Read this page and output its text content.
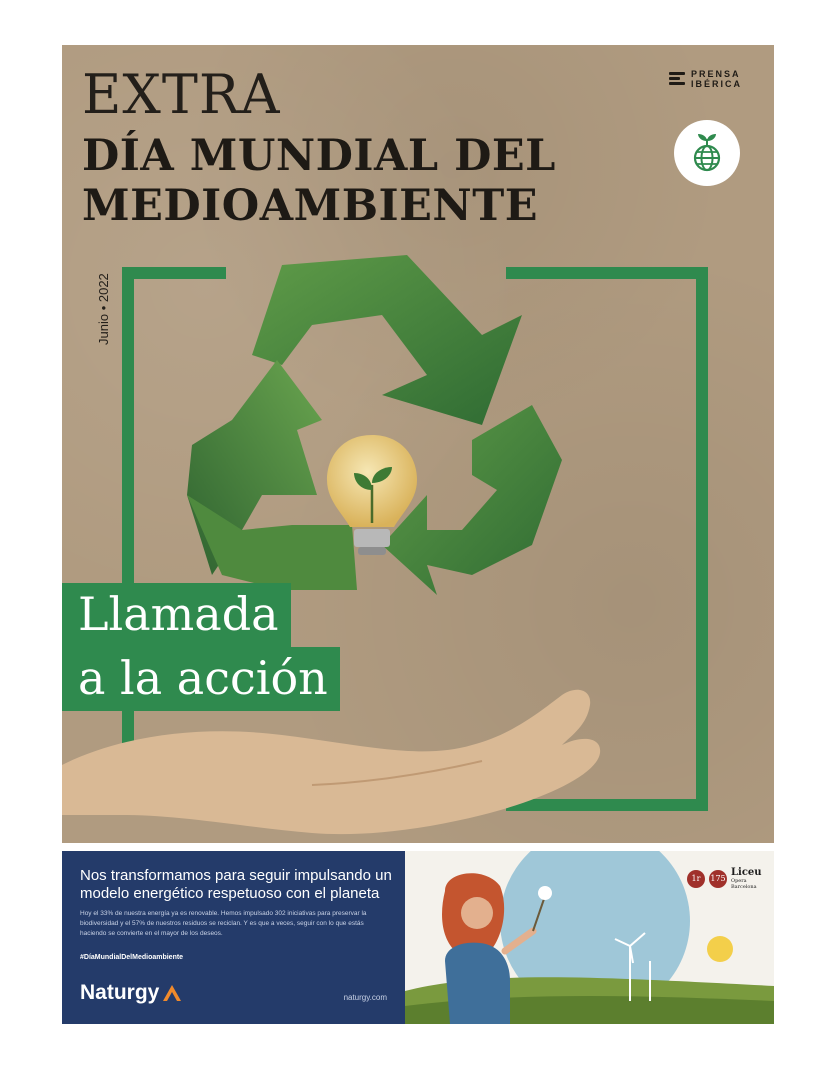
EXTRA	PRENSA
IBÉRICA
DÍA MUNDIAL DEL
MEDIOAMBIENTE
Junio • 2022
Llamada
a la acción
Nos transformamos para seguir impulsando un modelo energético respetuoso con el planeta
Hoy el 33% de nuestra energía ya es renovable. Hemos impulsado 302 iniciativas para preservar la biodiversidad y el 57% de nuestros residuos se reciclan. Y es que a veces, seguir con lo que estás haciendo se convierte en el mayor de los deseos.
#DíaMundialDelMedioambiente
Naturgy	naturgy.com
1r	175
Liceu
Opera
Barcelona
